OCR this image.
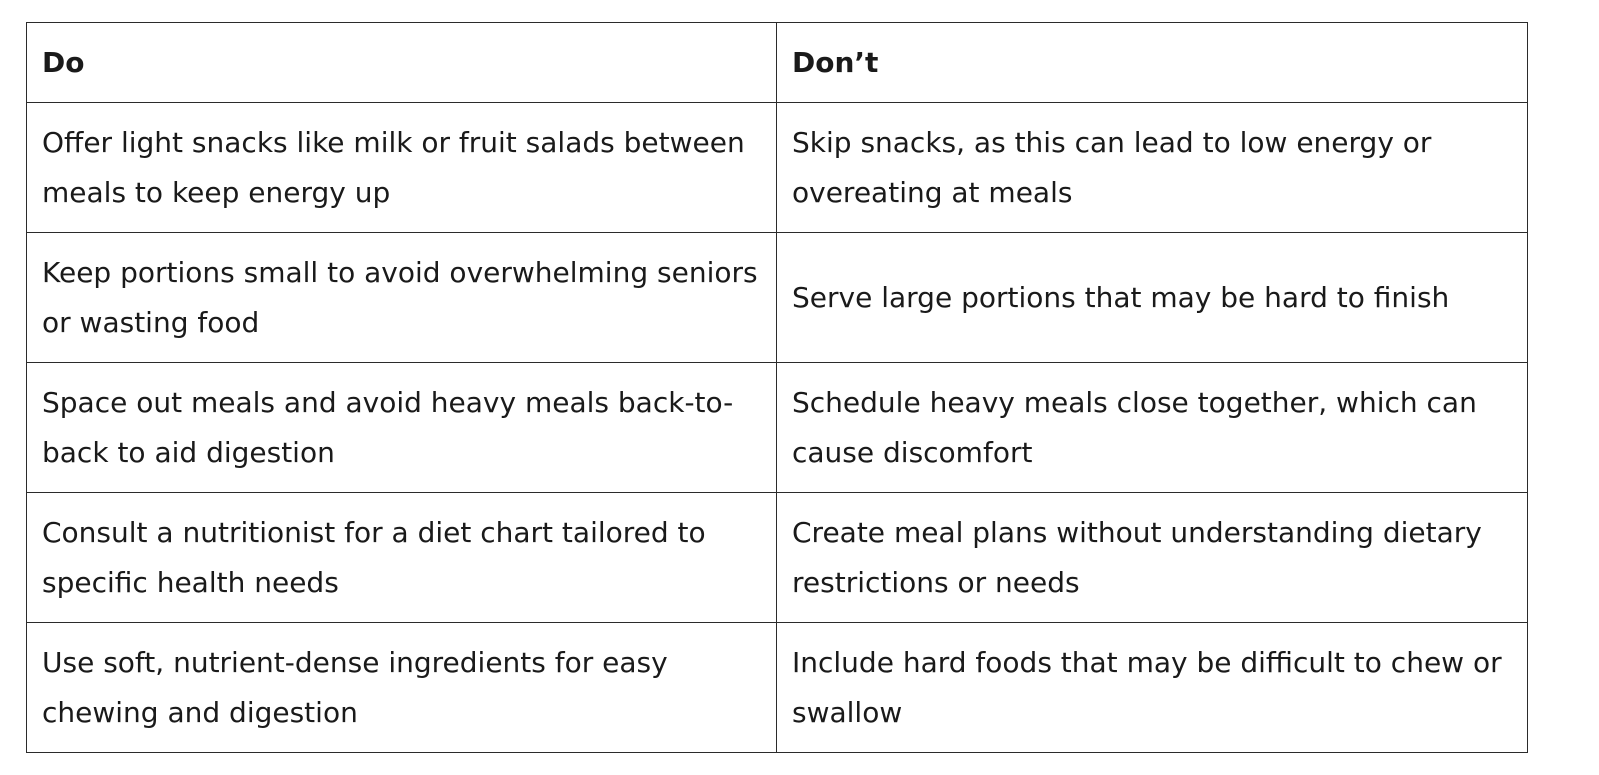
Do	Don’t
Offer light snacks like milk or fruit salads between meals to keep energy up	Skip snacks, as this can lead to low energy or overeating at meals
Keep portions small to avoid overwhelming seniors or wasting food	Serve large portions that may be hard to finish
Space out meals and avoid heavy meals back-to-back to aid digestion	Schedule heavy meals close together, which can cause discomfort
Consult a nutritionist for a diet chart tailored to specific health needs	Create meal plans without understanding dietary restrictions or needs
Use soft, nutrient-dense ingredients for easy chewing and digestion	Include hard foods that may be difficult to chew or swallow
